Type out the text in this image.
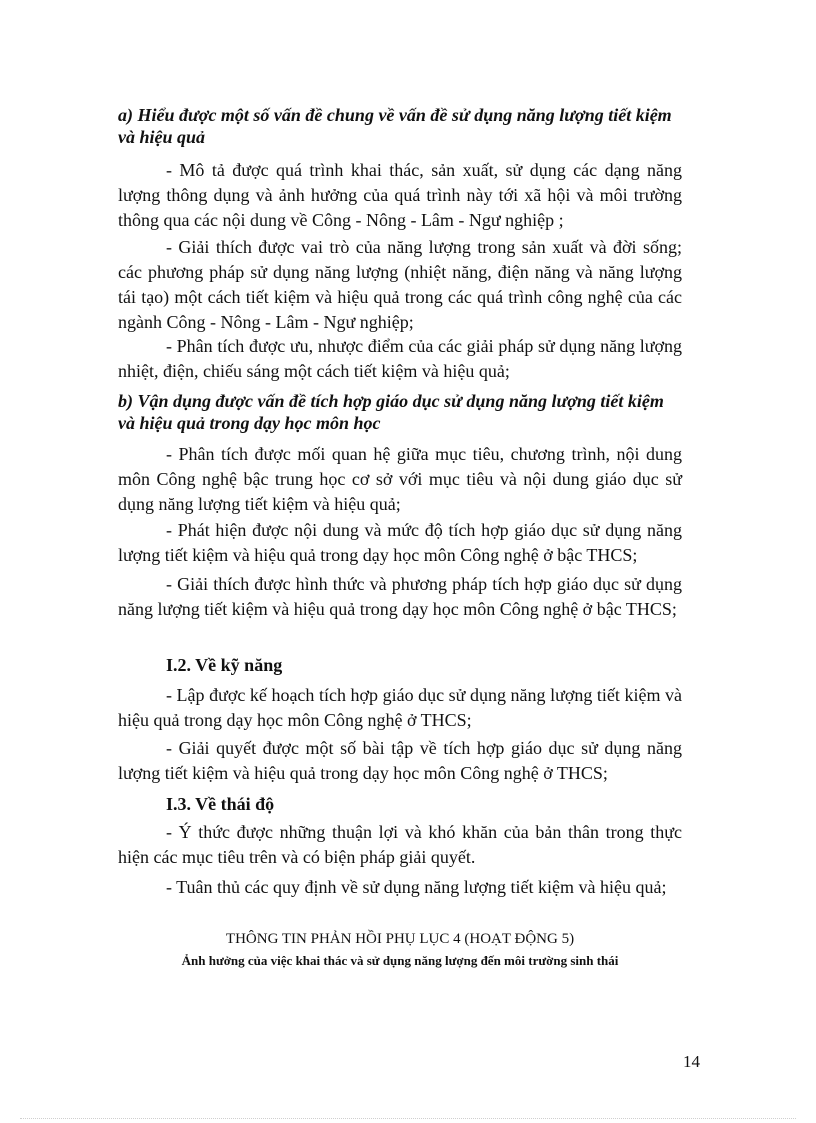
a) Hiểu được một số vấn đề chung về vấn đề sử dụng năng lượng tiết kiệm và hiệu quả

- Mô tả được quá trình khai thác, sản xuất, sử dụng các dạng năng lượng thông dụng và ảnh hưởng của quá trình này tới xã hội và môi trường thông qua các nội dung về Công - Nông - Lâm - Ngư nghiệp ;

- Giải thích được vai trò của năng lượng trong sản xuất và đời sống; các phương pháp sử dụng năng lượng (nhiệt năng, điện năng và năng lượng tái tạo) một cách tiết kiệm và hiệu quả trong các quá trình công nghệ của các ngành Công - Nông - Lâm - Ngư nghiệp;

- Phân tích được ưu, nhược điểm của các giải pháp sử dụng năng lượng nhiệt, điện, chiếu sáng một cách tiết kiệm và hiệu quả;

b) Vận dụng được vấn đề tích hợp giáo dục sử dụng năng lượng tiết kiệm và hiệu quả trong dạy học môn học

- Phân tích được mối quan hệ giữa mục tiêu, chương trình, nội dung môn Công nghệ bậc trung học cơ sở với mục tiêu và nội dung giáo dục sử dụng năng lượng tiết kiệm và hiệu quả;

- Phát hiện được nội dung và mức độ tích hợp giáo dục sử dụng năng lượng tiết kiệm và hiệu quả trong dạy học môn Công nghệ ở bậc THCS;

- Giải thích được hình thức và phương pháp tích hợp giáo dục sử dụng năng lượng tiết kiệm và hiệu quả trong dạy học môn Công nghệ ở bậc THCS;

I.2. Về kỹ năng

- Lập được kế hoạch tích hợp giáo dục sử dụng năng lượng tiết kiệm và hiệu quả trong dạy học môn Công nghệ ở THCS;

- Giải quyết được một số bài tập về tích hợp giáo dục sử dụng năng lượng tiết kiệm và hiệu quả trong dạy học môn Công nghệ ở THCS;

I.3. Về thái độ

- Ý thức được những thuận lợi và khó khăn của bản thân trong thực hiện các mục tiêu trên và có biện pháp giải quyết.

- Tuân thủ các quy định về sử dụng năng lượng tiết kiệm và hiệu quả;

THÔNG TIN PHẢN HỒI PHỤ LỤC 4 (HOẠT ĐỘNG 5)

Ảnh hưởng của việc khai thác và sử dụng năng lượng đến môi trường sinh thái

14
